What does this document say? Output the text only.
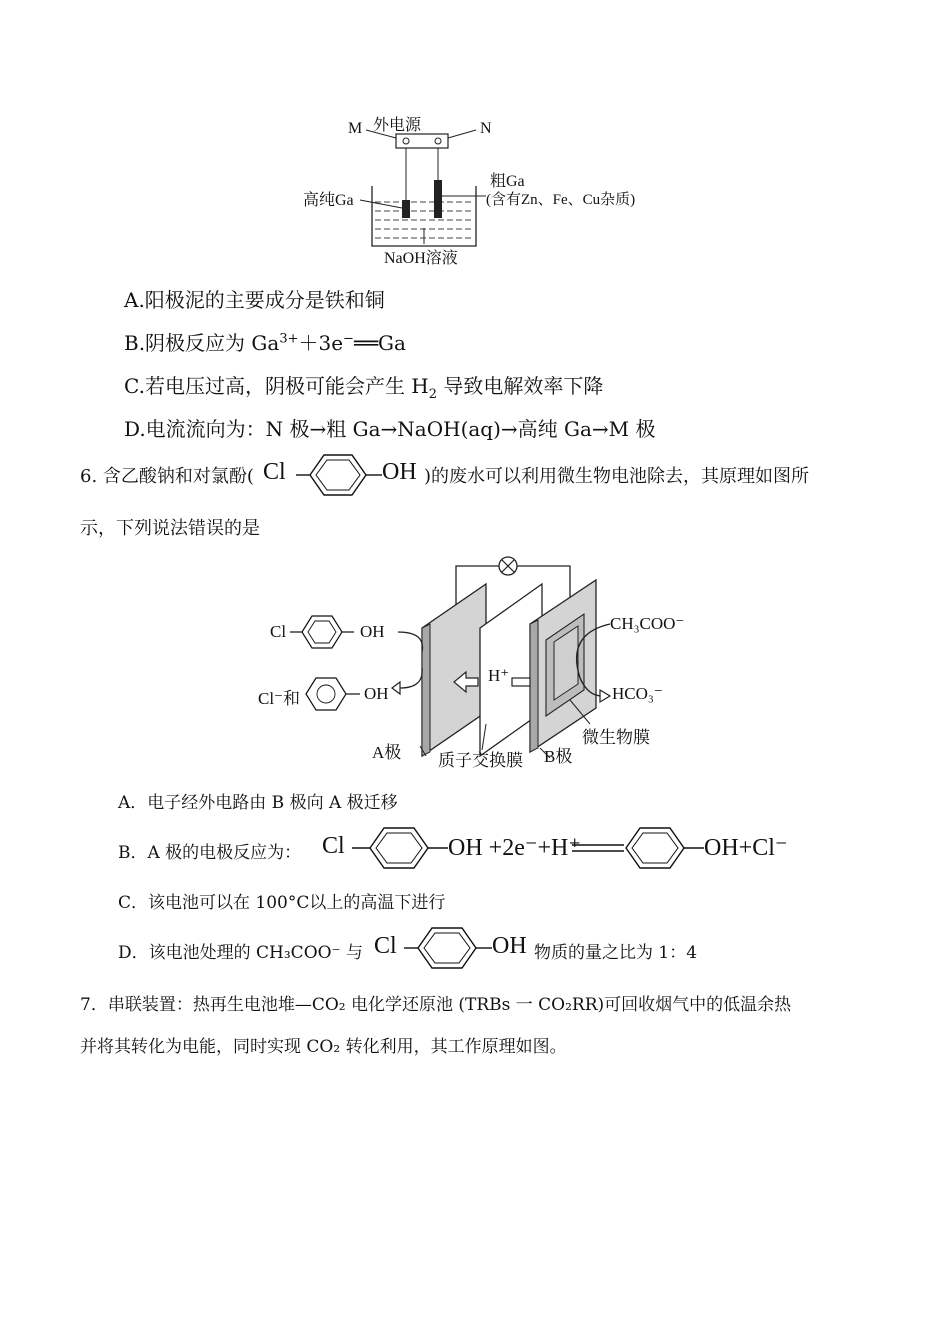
外电源
M	N
高纯Ga
粗Ga
(含有Zn、Fe、Cu杂质)
NaOH溶液
A.阳极泥的主要成分是铁和铜
B.阴极反应为 $Ga^{3+}+3e^-══Ga$
C.若电压过高，阴极可能会产生 $H_2$ 导致电解效率下降
D.电流流向为：N 极→粗 Ga→NaOH(aq)→高纯 Ga→M 极
6. 含乙酸钠和对氯酚( Cl	OH )的废水可以利用微生物电池除去，其原理如图所
示，下列说法错误的是
Cl	OH
Cl⁻和	OH
H⁺
CH₃COO⁻
HCO₃⁻
微生物膜
A极 质子交换膜 B极
A．电子经外电路由 B 极向 A 极迁移
B．A 极的电极反应为： Cl	OH +2e⁻+H⁺	OH+Cl⁻
C．该电池可以在 100°C以上的高温下进行
D．该电池处理的 CH₃COO⁻ 与 Cl	OH 物质的量之比为 1：4
7．串联装置：热再生电池堆—CO₂ 电化学还原池 (TRBs 一 CO₂RR)可回收烟气中的低温余热
并将其转化为电能，同时实现 CO₂ 转化利用，其工作原理如图。
